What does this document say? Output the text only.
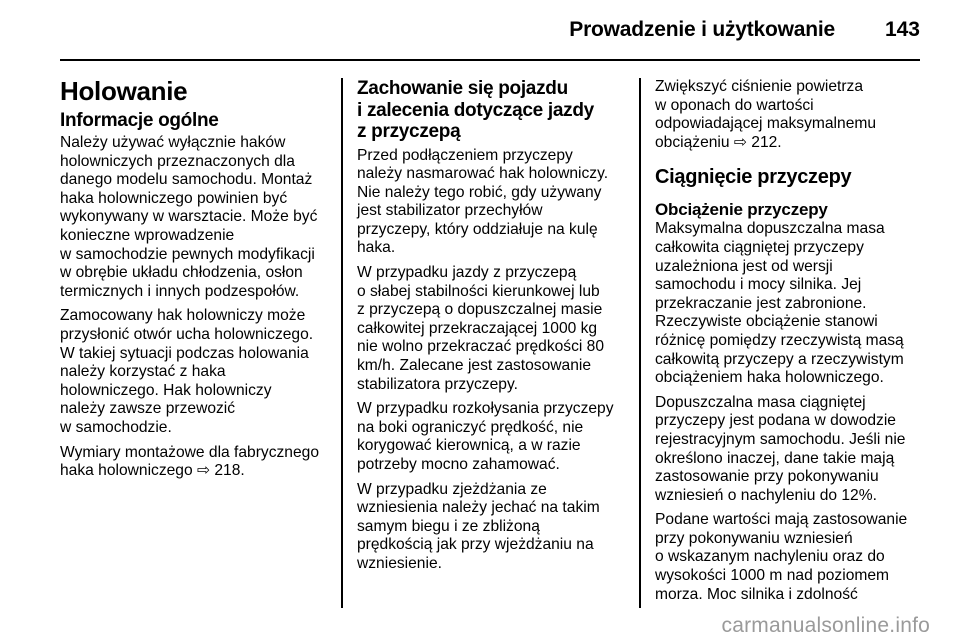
Prowadzenie i użytkowanie 143
Holowanie
Informacje ogólne

Należy używać wyłącznie haków
holowniczych przeznaczonych dla
danego modelu samochodu. Montaż
haka holowniczego powinien być
wykonywany w warsztacie. Może być
konieczne wprowadzenie
w samochodzie pewnych modyfikacji
w obrębie układu chłodzenia, osłon
termicznych i innych podzespołów.

Zamocowany hak holowniczy może
przysłonić otwór ucha holowniczego.
W takiej sytuacji podczas holowania
należy korzystać z haka
holowniczego. Hak holowniczy
należy zawsze przewozić
w samochodzie.

Wymiary montażowe dla fabrycznego
haka holowniczego ⇨ 218.

Zachowanie się pojazdu
i zalecenia dotyczące jazdy
z przyczepą

Przed podłączeniem przyczepy
należy nasmarować hak holowniczy.
Nie należy tego robić, gdy używany
jest stabilizator przechyłów
przyczepy, który oddziałuje na kulę
haka.

W przypadku jazdy z przyczepą
o słabej stabilności kierunkowej lub
z przyczepą o dopuszczalnej masie
całkowitej przekraczającej 1000 kg
nie wolno przekraczać prędkości 80
km/h. Zalecane jest zastosowanie
stabilizatora przyczepy.

W przypadku rozkołysania przyczepy
na boki ograniczyć prędkość, nie
korygować kierownicą, a w razie
potrzeby mocno zahamować.

W przypadku zjeżdżania ze
wzniesienia należy jechać na takim
samym biegu i ze zbliżoną
prędkością jak przy wjeżdżaniu na
wzniesienie.

Zwiększyć ciśnienie powietrza
w oponach do wartości
odpowiadającej maksymalnemu
obciążeniu ⇨ 212.

Ciągnięcie przyczepy
Obciążenie przyczepy

Maksymalna dopuszczalna masa
całkowita ciągniętej przyczepy
uzależniona jest od wersji
samochodu i mocy silnika. Jej
przekraczanie jest zabronione.
Rzeczywiste obciążenie stanowi
różnicę pomiędzy rzeczywistą masą
całkowitą przyczepy a rzeczywistym
obciążeniem haka holowniczego.

Dopuszczalna masa ciągniętej
przyczepy jest podana w dowodzie
rejestracyjnym samochodu. Jeśli nie
określono inaczej, dane takie mają
zastosowanie przy pokonywaniu
wzniesień o nachyleniu do 12%.

Podane wartości mają zastosowanie
przy pokonywaniu wzniesień
o wskazanym nachyleniu oraz do
wysokości 1000 m nad poziomem
morza. Moc silnika i zdolność

carmanualsonline.info
